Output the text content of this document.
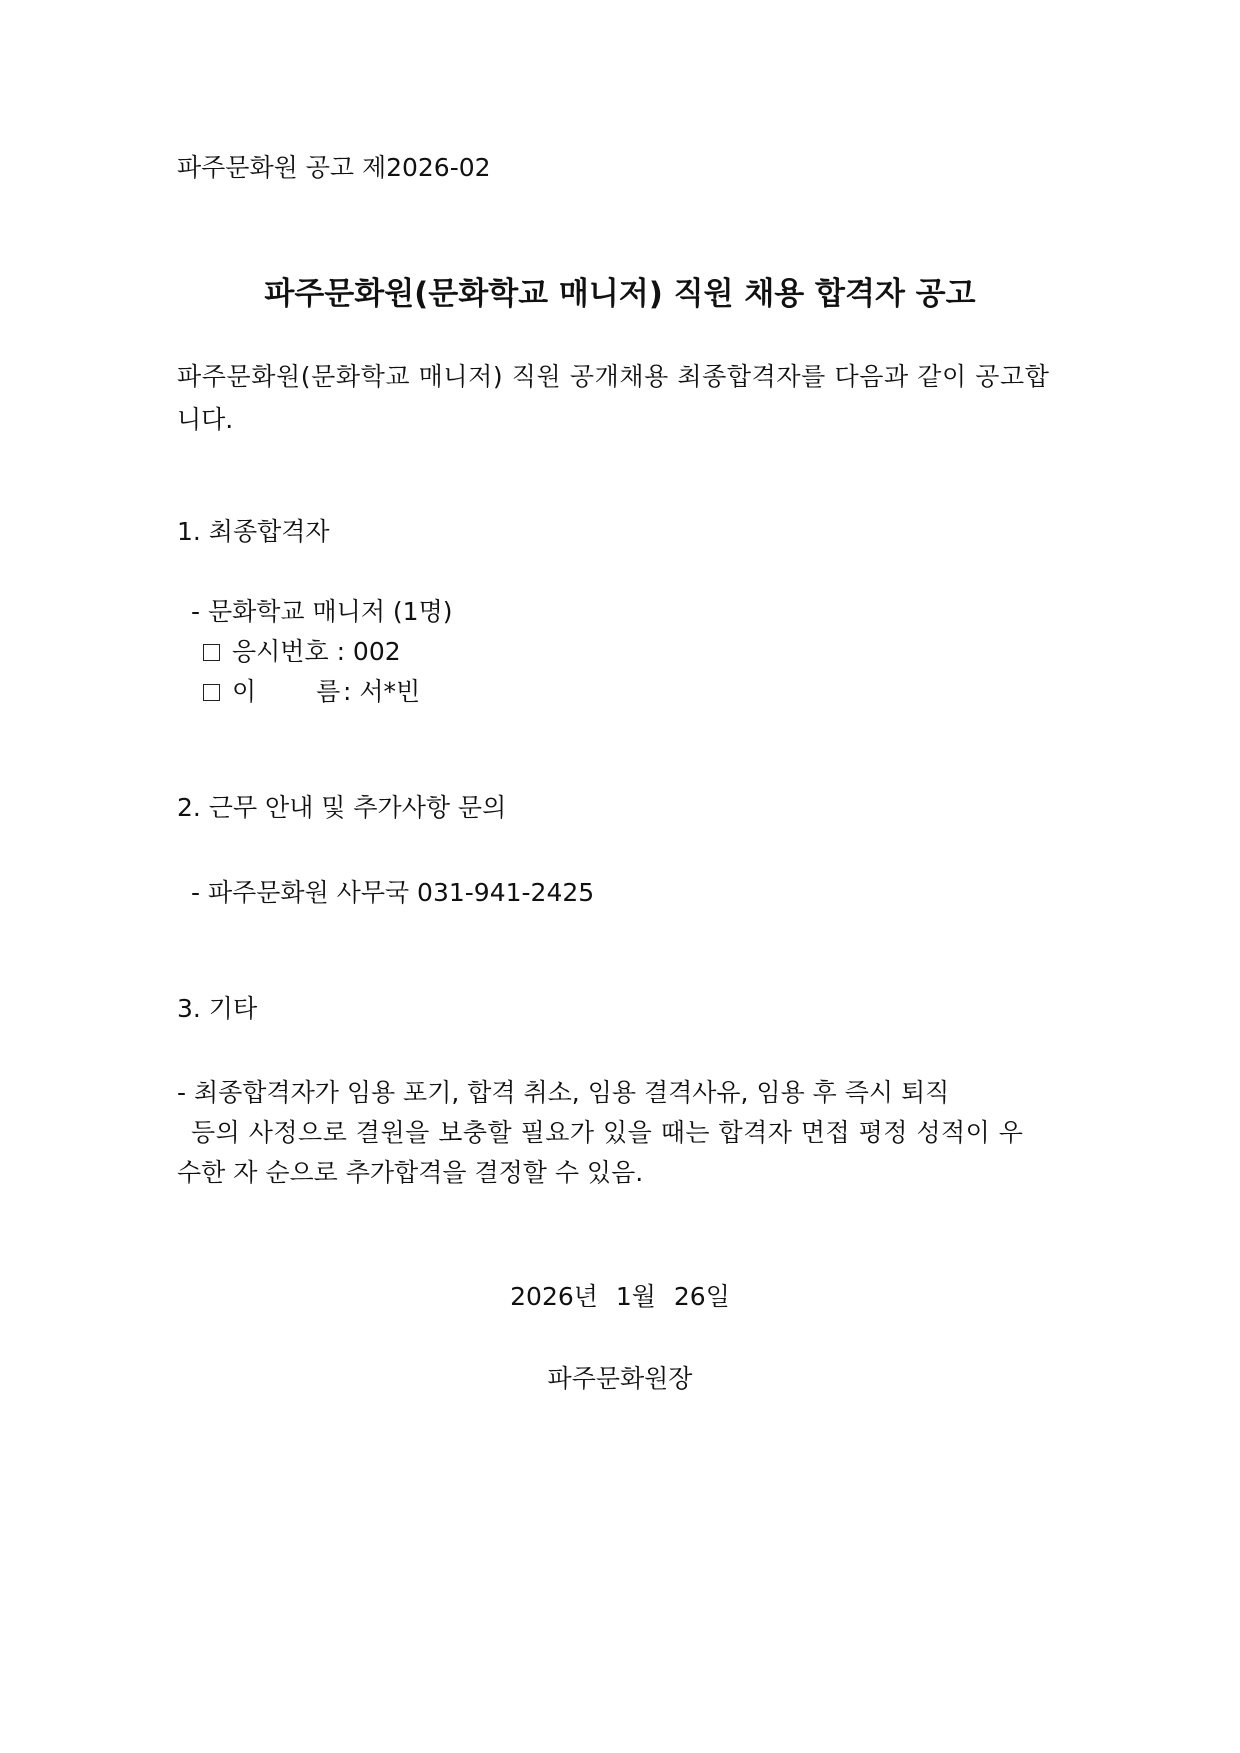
파주문화원 공고 제2026-02
파주문화원(문화학교 매니저) 직원 채용 합격자 공고
파주문화원(문화학교 매니저) 직원 공개채용 최종합격자를 다음과 같이 공고합
니다.
1. 최종합격자
- 문화학교 매니저 (1명)
응시번호 : 002
이 름 : 서*빈
2. 근무 안내 및 추가사항 문의
- 파주문화원 사무국 031-941-2425
3. 기타
- 최종합격자가 임용 포기, 합격 취소, 임용 결격사유, 임용 후 즉시 퇴직
등의 사정으로 결원을 보충할 필요가 있을 때는 합격자 면접 평정 성적이 우
수한 자 순으로 추가합격을 결정할 수 있음.
2026년 1월 26일
파주문화원장
